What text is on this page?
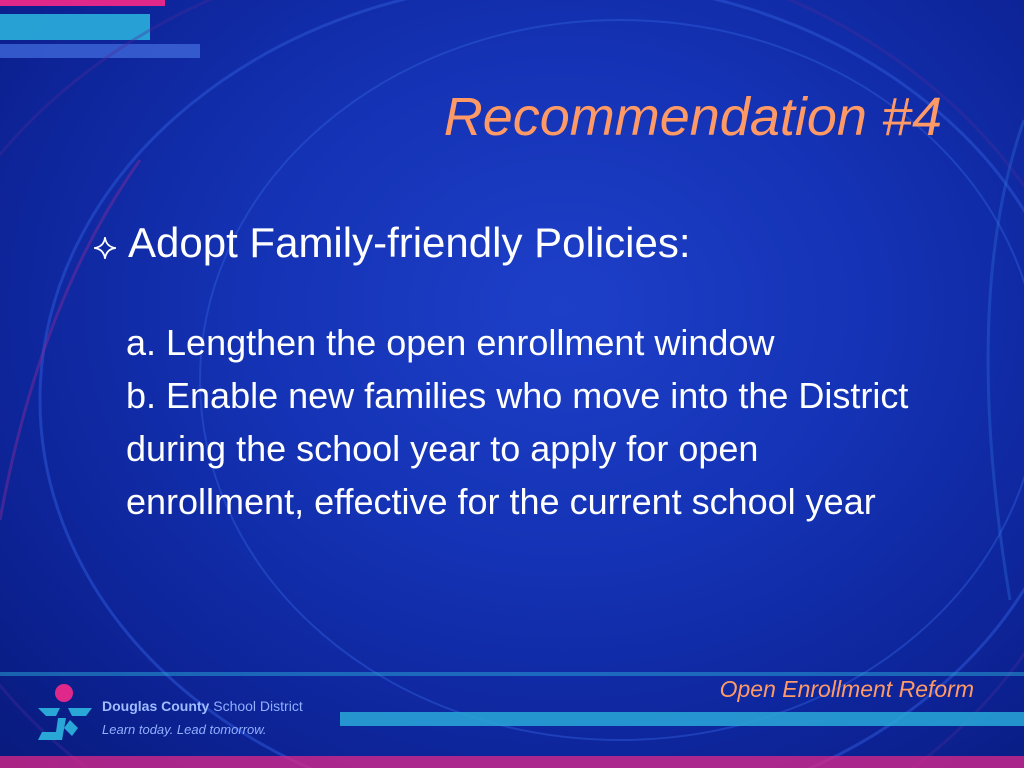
Recommendation #4
Adopt Family-friendly Policies:

a. Lengthen the open enrollment window

b. Enable new families who move into the District during the school year to apply for open enrollment, effective for the current school year

Open Enrollment Reform
Douglas County School District
Learn today. Lead tomorrow.
